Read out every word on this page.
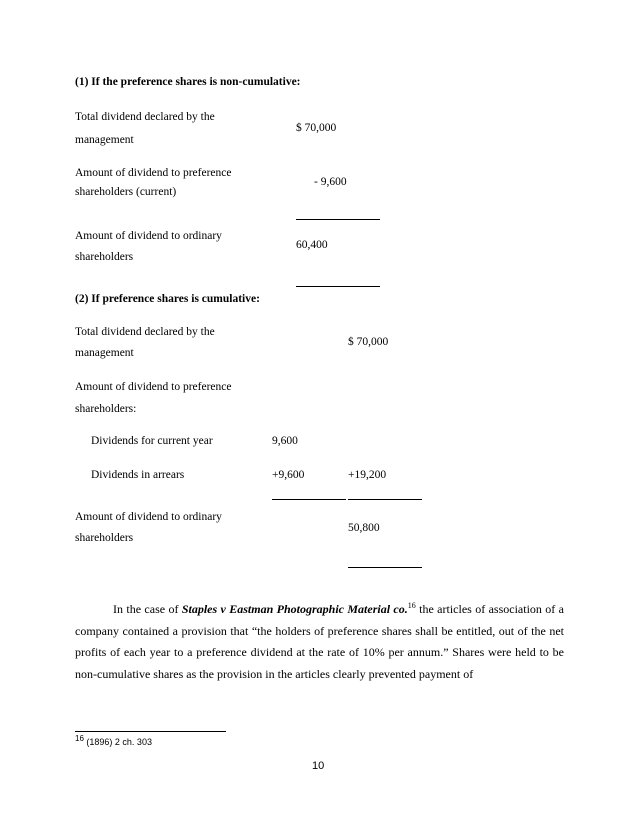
(1) If the preference shares is non-cumulative:
Total dividend declared by the
management
$ 70,000
Amount of dividend to preference
shareholders (current)
- 9,600
Amount of dividend to ordinary
shareholders
60,400
(2) If preference shares is cumulative:
Total dividend declared by the
management
$ 70,000
Amount of dividend to preference
shareholders:
Dividends for current year	9,600
Dividends in arrears	+9,600	+19,200
Amount of dividend to ordinary
shareholders
50,800
In the case of Staples v Eastman Photographic Material co.$^{16}$ the articles of association of a company contained a provision that “the holders of preference shares shall be entitled, out of the net profits of each year to a preference dividend at the rate of 10% per annum.” Shares were held to be non-cumulative shares as the provision in the articles clearly prevented payment of
$^{16}$ (1896) 2 ch. 303
10
